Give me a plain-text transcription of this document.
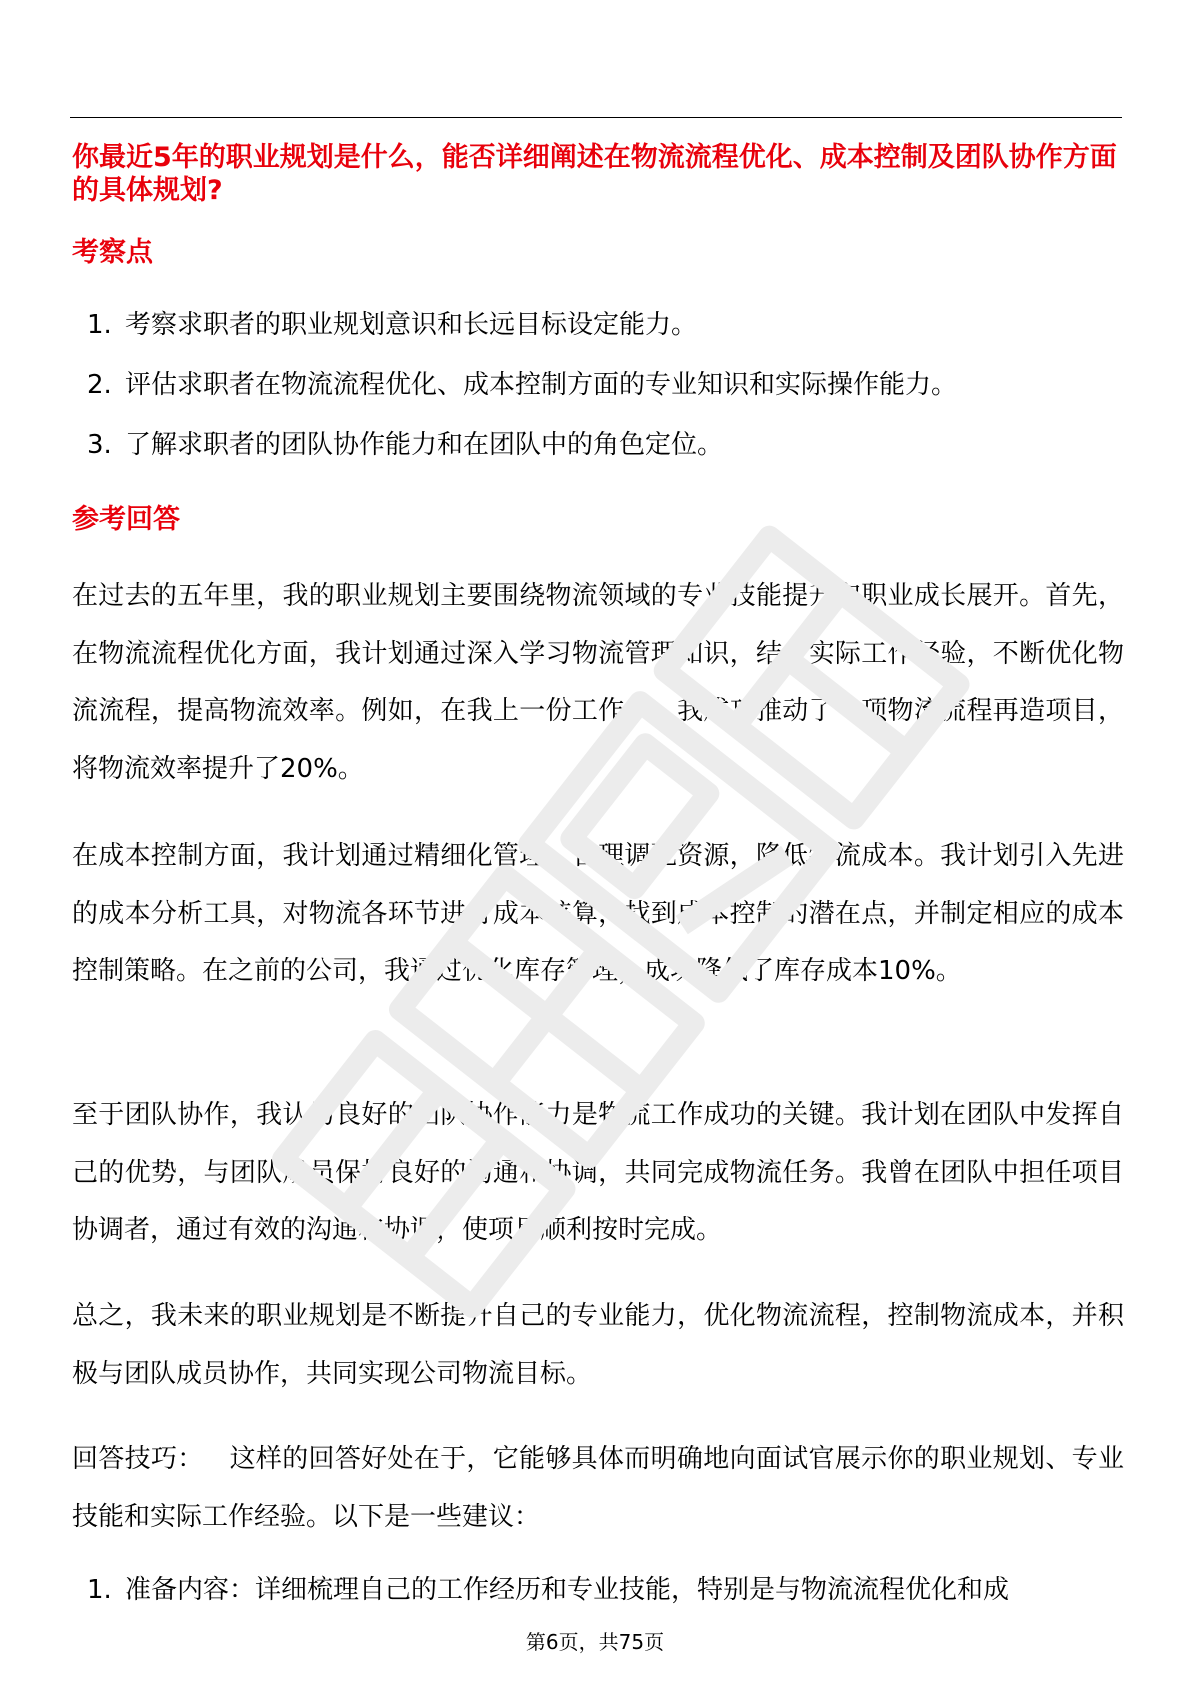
你最近5年的职业规划是什么，能否详细阐述在物流流程优化、成本控制及团队协作方面的具体规划?

考察点
1. 考察求职者的职业规划意识和长远目标设定能力。
2. 评估求职者在物流流程优化、成本控制方面的专业知识和实际操作能力。
3. 了解求职者的团队协作能力和在团队中的角色定位。
参考回答

在过去的五年里，我的职业规划主要围绕物流领域的专业技能提升和职业成长展开。首先，在物流流程优化方面，我计划通过深入学习物流管理知识，结合实际工作经验，不断优化物流流程，提高物流效率。例如，在我上一份工作中，我成功推动了一项物流流程再造项目，将物流效率提升了20%。

在成本控制方面，我计划通过精细化管理，合理调配资源，降低物流成本。我计划引入先进的成本分析工具，对物流各环节进行成本核算，找到成本控制的潜在点，并制定相应的成本控制策略。在之前的公司，我通过优化库存管理，成功降低了库存成本10%。

至于团队协作，我认为良好的团队协作能力是物流工作成功的关键。我计划在团队中发挥自己的优势，与团队成员保持良好的沟通和协调，共同完成物流任务。我曾在团队中担任项目协调者，通过有效的沟通和协调，使项目顺利按时完成。

总之，我未来的职业规划是不断提升自己的专业能力，优化物流流程，控制物流成本，并积极与团队成员协作，共同实现公司物流目标。

回答技巧： 这样的回答好处在于，它能够具体而明确地向面试官展示你的职业规划、专业技能和实际工作经验。以下是一些建议：

1. 准备内容：详细梳理自己的工作经历和专业技能，特别是与物流流程优化和成
第6页，共75页
